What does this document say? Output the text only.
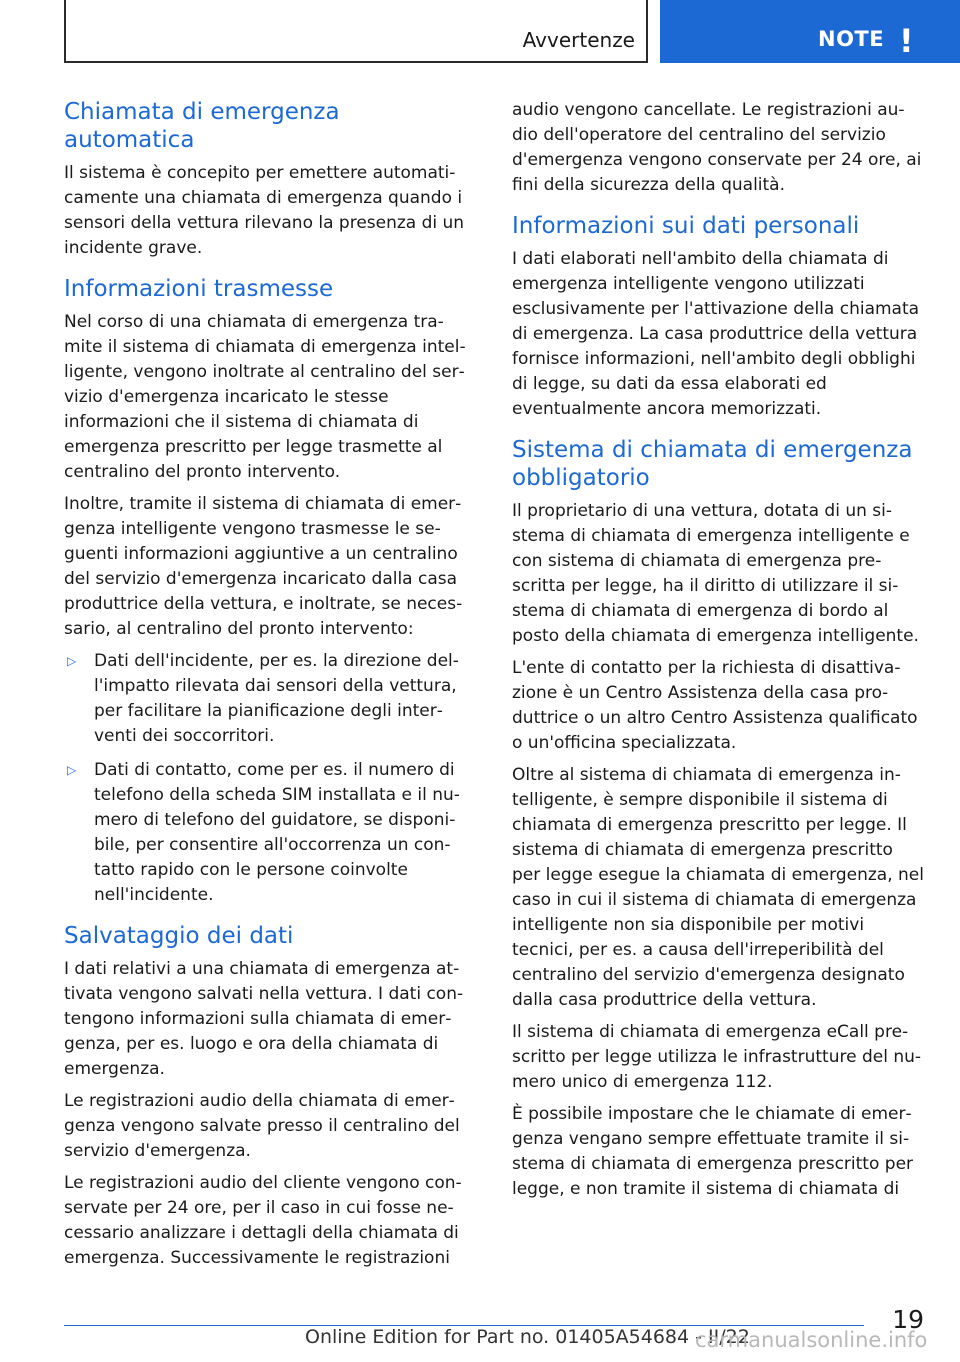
Avvertenze	NOTE !
Chiamata di emergenza automatica

Il sistema è concepito per emettere automaticamente una chiamata di emergenza quando i sensori della vettura rilevano la presenza di un incidente grave.

Informazioni trasmesse

Nel corso di una chiamata di emergenza tramite il sistema di chiamata di emergenza intelligente, vengono inoltrate al centralino del servizio d'emergenza incaricato le stesse informazioni che il sistema di chiamata di emergenza prescritto per legge trasmette al centralino del pronto intervento.

Inoltre, tramite il sistema di chiamata di emergenza intelligente vengono trasmesse le seguenti informazioni aggiuntive a un centralino del servizio d'emergenza incaricato dalla casa produttrice della vettura, e inoltrate, se necessario, al centralino del pronto intervento:

▷ Dati dell'incidente, per es. la direzione dell'impatto rilevata dai sensori della vettura, per facilitare la pianificazione degli interventi dei soccorritori.
▷ Dati di contatto, come per es. il numero di telefono della scheda SIM installata e il numero di telefono del guidatore, se disponibile, per consentire all'occorrenza un contatto rapido con le persone coinvolte nell'incidente.
Salvataggio dei dati

I dati relativi a una chiamata di emergenza attivata vengono salvati nella vettura. I dati contengono informazioni sulla chiamata di emergenza, per es. luogo e ora della chiamata di emergenza.

Le registrazioni audio della chiamata di emergenza vengono salvate presso il centralino del servizio d'emergenza.

Le registrazioni audio del cliente vengono conservate per 24 ore, per il caso in cui fosse necessario analizzare i dettagli della chiamata di emergenza. Successivamente le registrazioni

audio vengono cancellate. Le registrazioni audio dell'operatore del centralino del servizio d'emergenza vengono conservate per 24 ore, ai fini della sicurezza della qualità.

Informazioni sui dati personali

I dati elaborati nell'ambito della chiamata di emergenza intelligente vengono utilizzati esclusivamente per l'attivazione della chiamata di emergenza. La casa produttrice della vettura fornisce informazioni, nell'ambito degli obblighi di legge, su dati da essa elaborati ed eventualmente ancora memorizzati.

Sistema di chiamata di emergenza obbligatorio

Il proprietario di una vettura, dotata di un sistema di chiamata di emergenza intelligente e con sistema di chiamata di emergenza prescritta per legge, ha il diritto di utilizzare il sistema di chiamata di emergenza di bordo al posto della chiamata di emergenza intelligente.

L'ente di contatto per la richiesta di disattivazione è un Centro Assistenza della casa produttrice o un altro Centro Assistenza qualificato o un'officina specializzata.

Oltre al sistema di chiamata di emergenza intelligente, è sempre disponibile il sistema di chiamata di emergenza prescritto per legge. Il sistema di chiamata di emergenza prescritto per legge esegue la chiamata di emergenza, nel caso in cui il sistema di chiamata di emergenza intelligente non sia disponibile per motivi tecnici, per es. a causa dell'irreperibilità del centralino del servizio d'emergenza designato dalla casa produttrice della vettura.

Il sistema di chiamata di emergenza eCall prescritto per legge utilizza le infrastrutture del numero unico di emergenza 112.

È possibile impostare che le chiamate di emergenza vengano sempre effettuate tramite il sistema di chiamata di emergenza prescritto per legge, e non tramite il sistema di chiamata di

19
Online Edition for Part no. 01405A54684 - II/22
carmanualsonline.info
